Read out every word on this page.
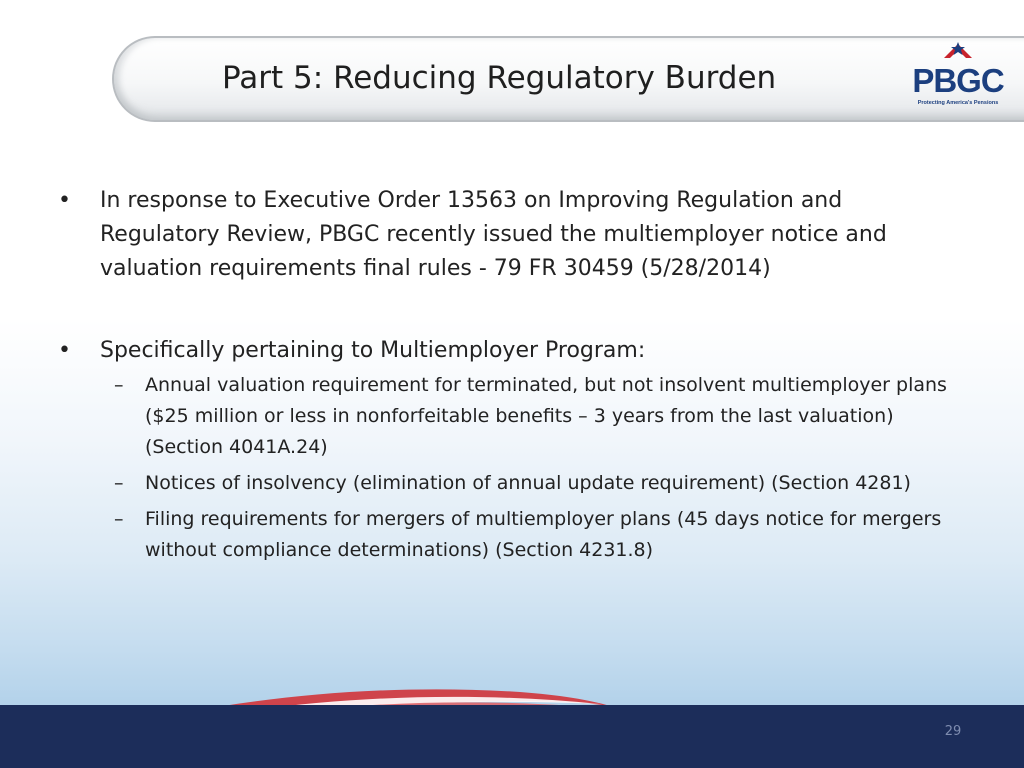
Part 5: Reducing Regulatory Burden	PBGC
Protecting America's Pensions
• In response to Executive Order 13563 on Improving Regulation and Regulatory Review, PBGC recently issued the multiemployer notice and valuation requirements final rules - 79 FR 30459 (5/28/2014)
• Specifically pertaining to Multiemployer Program:
– Annual valuation requirement for terminated, but not insolvent multiemployer plans ($25 million or less in nonforfeitable benefits – 3 years from the last valuation) (Section 4041A.24)
– Notices of insolvency (elimination of annual update requirement) (Section 4281)
– Filing requirements for mergers of multiemployer plans (45 days notice for mergers without compliance determinations) (Section 4231.8)
29
